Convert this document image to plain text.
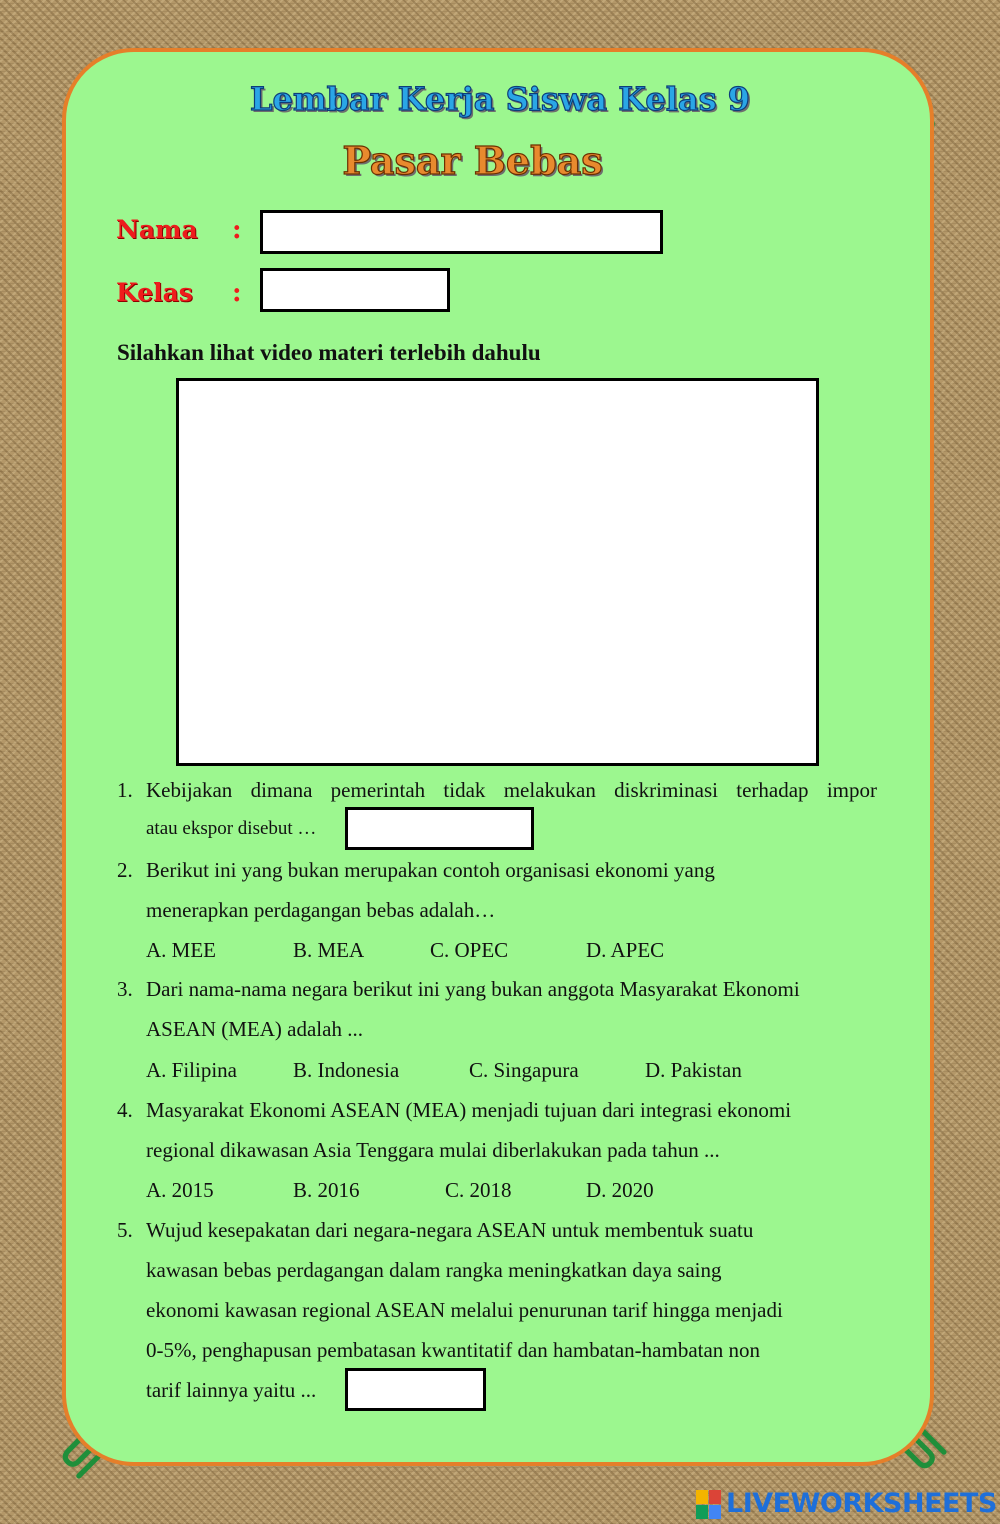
Lembar Kerja Siswa Kelas 9
Pasar Bebas
Nama :
Kelas :
Silahkan lihat video materi terlebih dahulu
1. Kebijakan dimana pemerintah tidak melakukan diskriminasi terhadap impor
atau ekspor disebut …
2. Berikut ini yang bukan merupakan contoh organisasi ekonomi yang
menerapkan perdagangan bebas adalah…
A. MEE	B. MEA	C. OPEC	D. APEC
3. Dari nama-nama negara berikut ini yang bukan anggota Masyarakat Ekonomi
ASEAN (MEA) adalah ...
A. Filipina	B. Indonesia	C. Singapura	D. Pakistan
4. Masyarakat Ekonomi ASEAN (MEA) menjadi tujuan dari integrasi ekonomi
regional dikawasan Asia Tenggara mulai diberlakukan pada tahun ...
A. 2015	B. 2016	C. 2018	D. 2020
5. Wujud kesepakatan dari negara-negara ASEAN untuk membentuk suatu
kawasan bebas perdagangan dalam rangka meningkatkan daya saing
ekonomi kawasan regional ASEAN melalui penurunan tarif hingga menjadi
0-5%, penghapusan pembatasan kwantitatif dan hambatan-hambatan non
tarif lainnya yaitu ...
LIVEWORKSHEETS
